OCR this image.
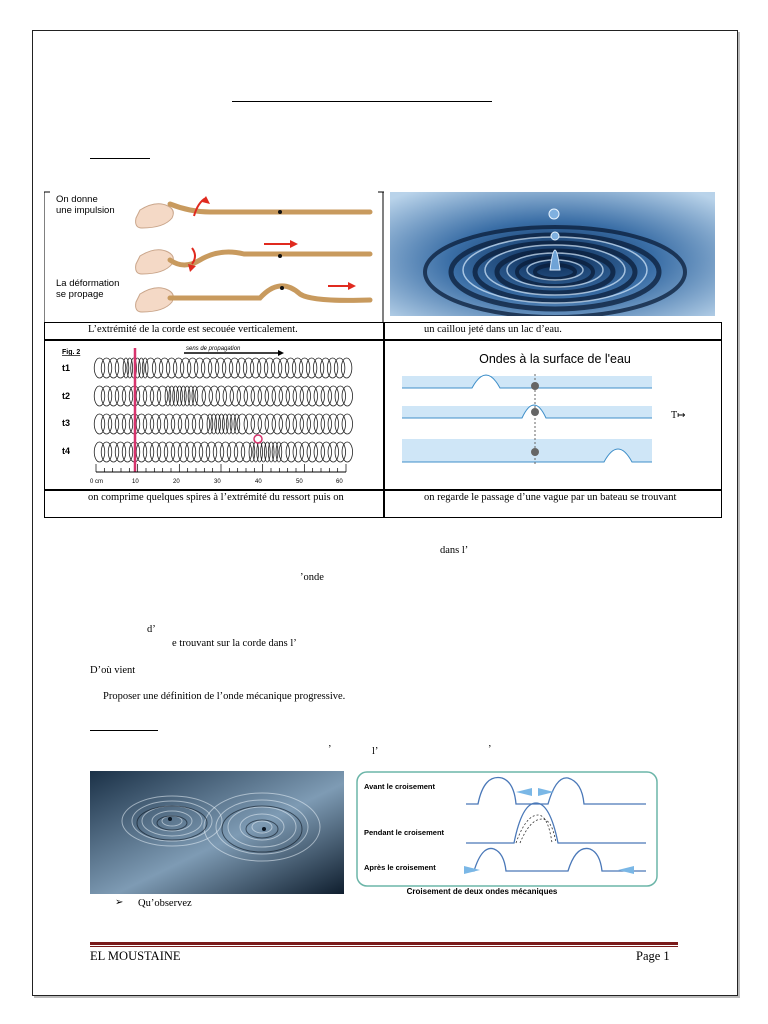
On donne
une impulsion
La déformation
se propage
L’extrémité de la corde est secouée verticalement.	un caillou jeté dans un lac d’eau.
Fig. 2	sens de propagation
t1
t2
t3
t4
0 cm	10	20	30	40	50	60
Ondes à la surface de l'eau
T↦
on comprime quelques spires à l’extrémité du ressort puis on	on regarde le passage d’une vague par un bateau se trouvant
dans l’
’onde
d’
e trouvant sur la corde dans l’
D’où vient
Proposer une définition de l’onde mécanique progressive.
’	l’	’
Avant le croisement
Pendant le croisement
Après le croisement
Croisement de deux ondes mécaniques
➢ Qu’observez
EL MOUSTAINE	Page 1
